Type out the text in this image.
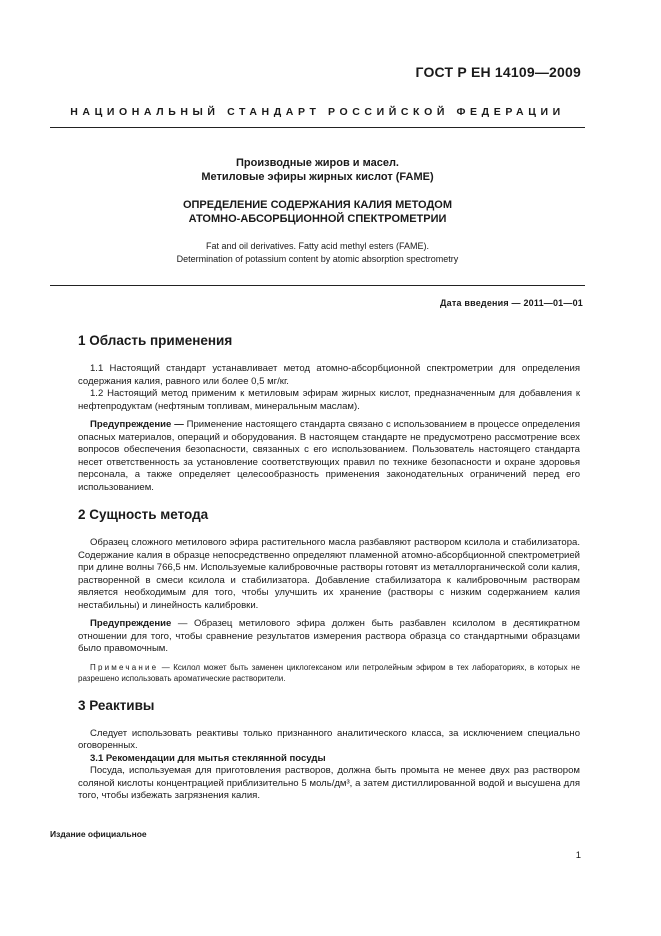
ГОСТ Р ЕН 14109—2009
НАЦИОНАЛЬНЫЙ СТАНДАРТ РОССИЙСКОЙ ФЕДЕРАЦИИ

Производные жиров и масел.

Метиловые эфиры жирных кислот (FAME)

ОПРЕДЕЛЕНИЕ СОДЕРЖАНИЯ КАЛИЯ МЕТОДОМ

АТОМНО-АБСОРБЦИОННОЙ СПЕКТРОМЕТРИИ

Fat and oil derivatives. Fatty acid methyl esters (FAME).

Determination of potassium content by atomic absorption spectrometry

Дата введения — 2011—01—01

1 Область применения

1.1 Настоящий стандарт устанавливает метод атомно-абсорбционной спектрометрии для определения содержания калия, равного или более 0,5 мг/кг.

1.2 Настоящий метод применим к метиловым эфирам жирных кислот, предназначенным для добавления к нефтепродуктам (нефтяным топливам, минеральным маслам).

Предупреждение — Применение настоящего стандарта связано с использованием в процессе определения опасных материалов, операций и оборудования. В настоящем стандарте не предусмотрено рассмотрение всех вопросов обеспечения безопасности, связанных с его использованием. Пользователь настоящего стандарта несет ответственность за установление соответствующих правил по технике безопасности и охране здоровья персонала, а также определяет целесообразность применения законодательных ограничений перед его использованием.

2 Сущность метода

Образец сложного метилового эфира растительного масла разбавляют раствором ксилола и стабилизатора. Содержание калия в образце непосредственно определяют пламенной атомно-абсорбционной спектрометрией при длине волны 766,5 нм. Используемые калибровочные растворы готовят из металлорганической соли калия, растворенной в смеси ксилола и стабилизатора. Добавление стабилизатора к калибровочным растворам является необходимым для того, чтобы улучшить их хранение (растворы с низким содержанием калия нестабильны) и линейность калибровки.

Предупреждение — Образец метилового эфира должен быть разбавлен ксилолом в десятикратном отношении для того, чтобы сравнение результатов измерения раствора образца со стандартными образцами было правомочным.

Примечание — Ксилол может быть заменен циклогексаном или петролейным эфиром в тех лабораториях, в которых не разрешено использовать ароматические растворители.

3 Реактивы

Следует использовать реактивы только признанного аналитического класса, за исключением специально оговоренных.

3.1 Рекомендации для мытья стеклянной посуды

Посуда, используемая для приготовления растворов, должна быть промыта не менее двух раз раствором соляной кислоты концентрацией приблизительно 5 моль/дм³, а затем дистиллированной водой и высушена для того, чтобы избежать загрязнения калия.

Издание официальное
1
